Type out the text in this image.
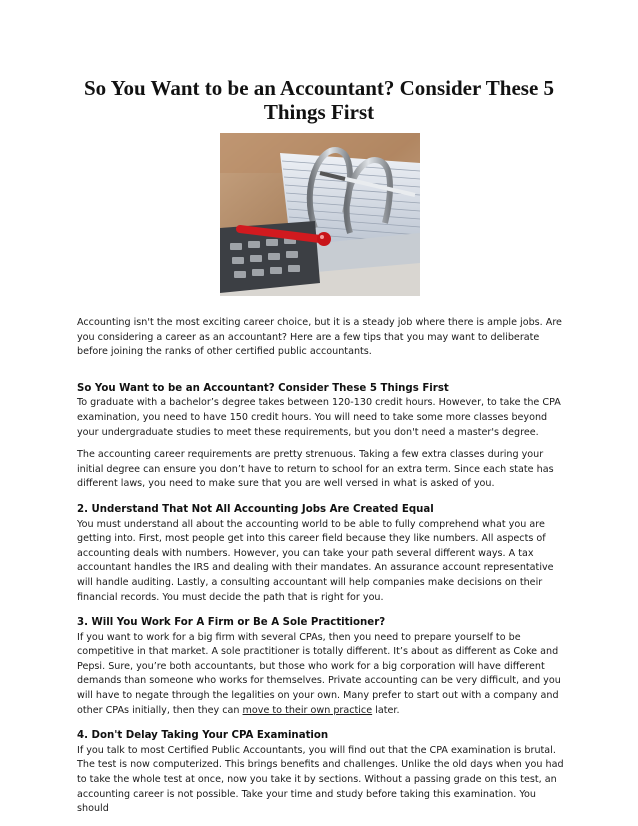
So You Want to be an Accountant? Consider These 5 Things First

Accounting isn't the most exciting career choice, but it is a steady job where there is ample jobs. Are you considering a career as an accountant? Here are a few tips that you may want to deliberate before joining the ranks of other certified public accountants.

So You Want to be an Accountant? Consider These 5 Things First

To graduate with a bachelor’s degree takes between 120-130 credit hours. However, to take the CPA examination, you need to have 150 credit hours. You will need to take some more classes beyond your undergraduate studies to meet these requirements, but you don't need a master's degree.

The accounting career requirements are pretty strenuous. Taking a few extra classes during your initial degree can ensure you don’t have to return to school for an extra term. Since each state has different laws, you need to make sure that you are well versed in what is asked of you.

2. Understand That Not All Accounting Jobs Are Created Equal

You must understand all about the accounting world to be able to fully comprehend what you are getting into. First, most people get into this career field because they like numbers. All aspects of accounting deals with numbers. However, you can take your path several different ways. A tax accountant handles the IRS and dealing with their mandates. An assurance account representative will handle auditing. Lastly, a consulting accountant will help companies make decisions on their financial records. You must decide the path that is right for you.

3. Will You Work For A Firm or Be A Sole Practitioner?

If you want to work for a big firm with several CPAs, then you need to prepare yourself to be competitive in that market. A sole practitioner is totally different. It’s about as different as Coke and Pepsi. Sure, you’re both accountants, but those who work for a big corporation will have different demands than someone who works for themselves. Private accounting can be very difficult, and you will have to negate through the legalities on your own. Many prefer to start out with a company and other CPAs initially, then they can move to their own practice later.

4. Don't Delay Taking Your CPA Examination

If you talk to most Certified Public Accountants, you will find out that the CPA examination is brutal. The test is now computerized. This brings benefits and challenges. Unlike the old days when you had to take the whole test at once, now you take it by sections. Without a passing grade on this test, an accounting career is not possible. Take your time and study before taking this examination. You should
